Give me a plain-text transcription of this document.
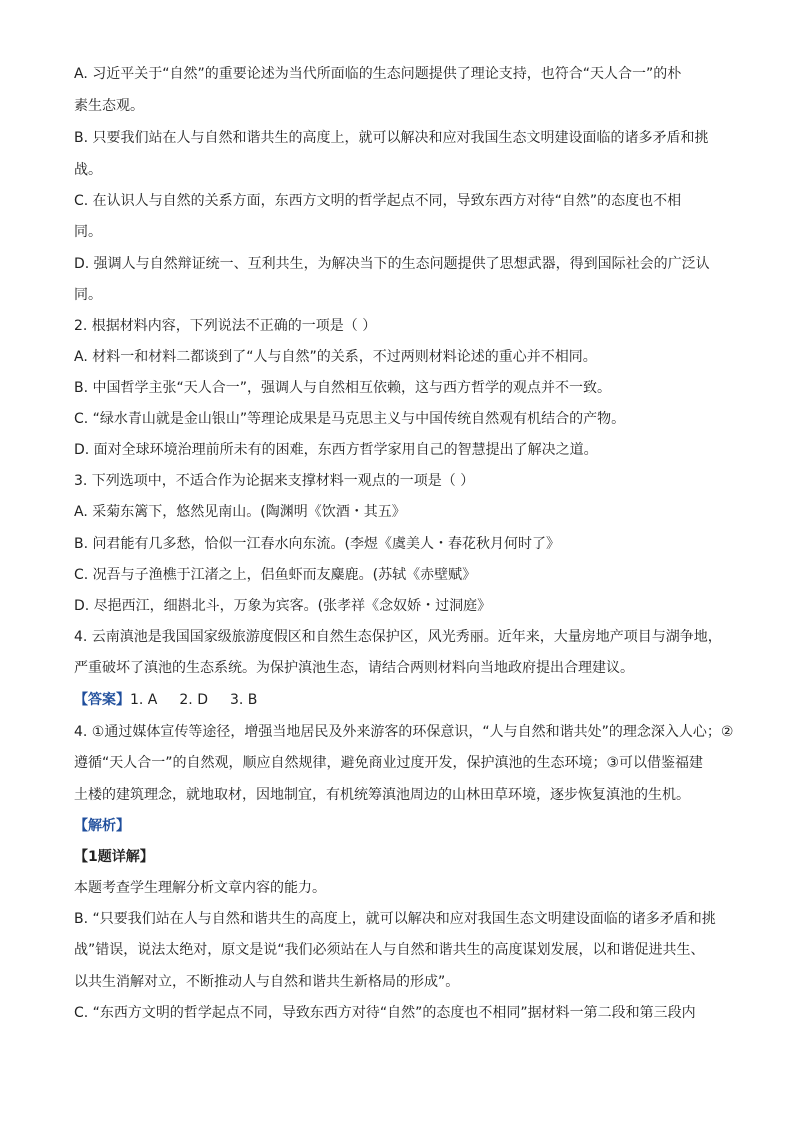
A. 习近平关于“自然”的重要论述为当代所面临的生态问题提供了理论支持，也符合“天人合一”的朴
素生态观。
B. 只要我们站在人与自然和谐共生的高度上，就可以解决和应对我国生态文明建设面临的诸多矛盾和挑
战。
C. 在认识人与自然的关系方面，东西方文明的哲学起点不同，导致东西方对待“自然”的态度也不相
同。
D. 强调人与自然辩证统一、互利共生，为解决当下的生态问题提供了思想武器，得到国际社会的广泛认
同。
2. 根据材料内容，下列说法不正确的一项是（ ）
A. 材料一和材料二都谈到了“人与自然”的关系，不过两则材料论述的重心并不相同。
B. 中国哲学主张“天人合一”，强调人与自然相互依赖，这与西方哲学的观点并不一致。
C. “绿水青山就是金山银山”等理论成果是马克思主义与中国传统自然观有机结合的产物。
D. 面对全球环境治理前所未有的困难，东西方哲学家用自己的智慧提出了解决之道。
3. 下列选项中，不适合作为论据来支撑材料一观点的一项是（ ）
A. 采菊东篱下，悠然见南山。(陶渊明《饮酒・其五》
B. 问君能有几多愁，恰似一江春水向东流。(李煜《虞美人・春花秋月何时了》
C. 况吾与子渔樵于江渚之上，侣鱼虾而友麋鹿。(苏轼《赤壁赋》
D. 尽挹西江，细斟北斗，万象为宾客。(张孝祥《念奴娇・过洞庭》
4. 云南滇池是我国国家级旅游度假区和自然生态保护区，风光秀丽。近年来，大量房地产项目与湖争地，
严重破坏了滇池的生态系统。为保护滇池生态，请结合两则材料向当地政府提出合理建议。
【答案】1. A 2. D 3. B
4. ①通过媒体宣传等途径，增强当地居民及外来游客的环保意识，“人与自然和谐共处”的理念深入人心；②
遵循“天人合一”的自然观，顺应自然规律，避免商业过度开发，保护滇池的生态环境；③可以借鉴福建
土楼的建筑理念，就地取材，因地制宜，有机统筹滇池周边的山林田草环境，逐步恢复滇池的生机。
【解析】
【1题详解】
本题考查学生理解分析文章内容的能力。
B. “只要我们站在人与自然和谐共生的高度上，就可以解决和应对我国生态文明建设面临的诸多矛盾和挑
战”错误，说法太绝对，原文是说“我们必须站在人与自然和谐共生的高度谋划发展，以和谐促进共生、
以共生消解对立，不断推动人与自然和谐共生新格局的形成”。
C. “东西方文明的哲学起点不同，导致东西方对待“自然”的态度也不相同”据材料一第二段和第三段内
